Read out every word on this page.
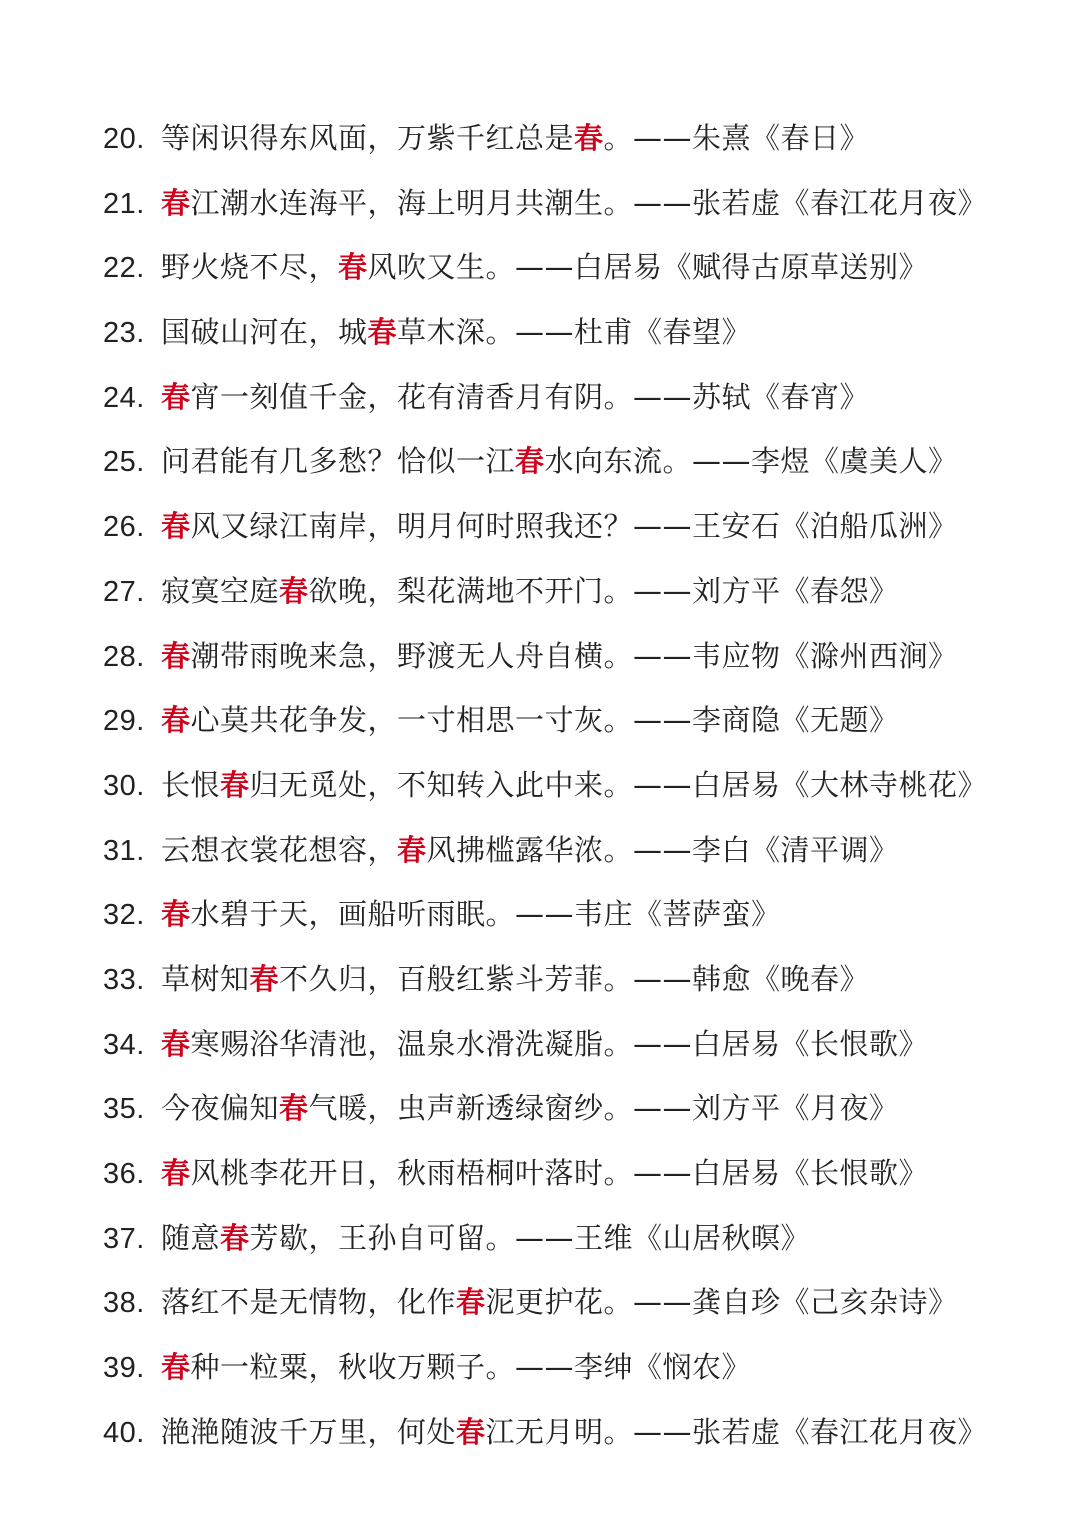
20. 等闲识得东风面，万紫千红总是春。——朱熹《春日》
21. 春江潮水连海平，海上明月共潮生。——张若虚《春江花月夜》
22. 野火烧不尽，春风吹又生。——白居易《赋得古原草送别》
23. 国破山河在，城春草木深。——杜甫《春望》
24. 春宵一刻值千金，花有清香月有阴。——苏轼《春宵》
25. 问君能有几多愁？恰似一江春水向东流。——李煜《虞美人》
26. 春风又绿江南岸，明月何时照我还？——王安石《泊船瓜洲》
27. 寂寞空庭春欲晚，梨花满地不开门。——刘方平《春怨》
28. 春潮带雨晚来急，野渡无人舟自横。——韦应物《滁州西涧》
29. 春心莫共花争发，一寸相思一寸灰。——李商隐《无题》
30. 长恨春归无觅处，不知转入此中来。——白居易《大林寺桃花》
31. 云想衣裳花想容，春风拂槛露华浓。——李白《清平调》
32. 春水碧于天，画船听雨眠。——韦庄《菩萨蛮》
33. 草树知春不久归，百般红紫斗芳菲。——韩愈《晚春》
34. 春寒赐浴华清池，温泉水滑洗凝脂。——白居易《长恨歌》
35. 今夜偏知春气暖，虫声新透绿窗纱。——刘方平《月夜》
36. 春风桃李花开日，秋雨梧桐叶落时。——白居易《长恨歌》
37. 随意春芳歇，王孙自可留。——王维《山居秋暝》
38. 落红不是无情物，化作春泥更护花。——龚自珍《己亥杂诗》
39. 春种一粒粟，秋收万颗子。——李绅《悯农》
40. 滟滟随波千万里，何处春江无月明。——张若虚《春江花月夜》
